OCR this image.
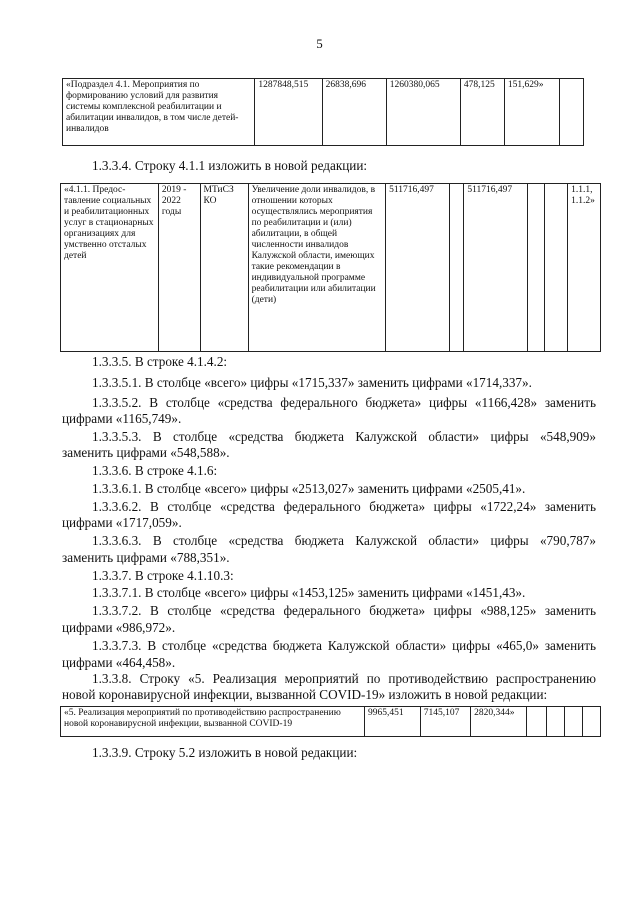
5
«Подраздел 4.1. Мероприятия по формированию условий для развития системы комплексной реабилитации и абилитации инвалидов, в том числе детей-инвалидов	1287848,515	26838,696	1260380,065	478,125	151,629»	
1.3.3.4. Строку 4.1.1 изложить в новой редакции:
«4.1.1. Предос-тавление социальных и реабилитационных услуг в стационарных организациях для умственно отсталых детей	2019 - 2022 годы	МТиСЗ КО	Увеличение доли инвалидов, в отношении которых осуществлялись мероприятия по реабилитации и (или) абилитации, в общей численности инвалидов Калужской области, имеющих такие рекомендации в индивидуальной программе реабилитации или абилитации (дети)	511716,497		511716,497			1.1.1, 1.1.2»
1.3.3.5. В строке 4.1.4.2:
1.3.3.5.1. В столбце «всего» цифры «1715,337» заменить цифрами «1714,337».
1.3.3.5.2. В столбце «средства федерального бюджета» цифры «1166,428» заменить
цифрами «1165,749».
1.3.3.5.3. В столбце «средства бюджета Калужской области» цифры «548,909»
заменить цифрами «548,588».
1.3.3.6. В строке 4.1.6:
1.3.3.6.1. В столбце «всего» цифры «2513,027» заменить цифрами «2505,41».
1.3.3.6.2. В столбце «средства федерального бюджета» цифры «1722,24» заменить
цифрами «1717,059».
1.3.3.6.3. В столбце «средства бюджета Калужской области» цифры «790,787»
заменить цифрами «788,351».
1.3.3.7. В строке 4.1.10.3:
1.3.3.7.1. В столбце «всего» цифры «1453,125» заменить цифрами «1451,43».
1.3.3.7.2. В столбце «средства федерального бюджета» цифры «988,125» заменить
цифрами «986,972».
1.3.3.7.3. В столбце «средства бюджета Калужской области» цифры «465,0» заменить
цифрами «464,458».
1.3.3.8. Строку «5. Реализация мероприятий по противодействию распространению
новой коронавирусной инфекции, вызванной COVID-19» изложить в новой редакции:
«5. Реализация мероприятий по противодействию распространению новой коронавирусной инфекции, вызванной COVID-19	9965,451	7145,107	2820,344»				
1.3.3.9. Строку 5.2 изложить в новой редакции:
